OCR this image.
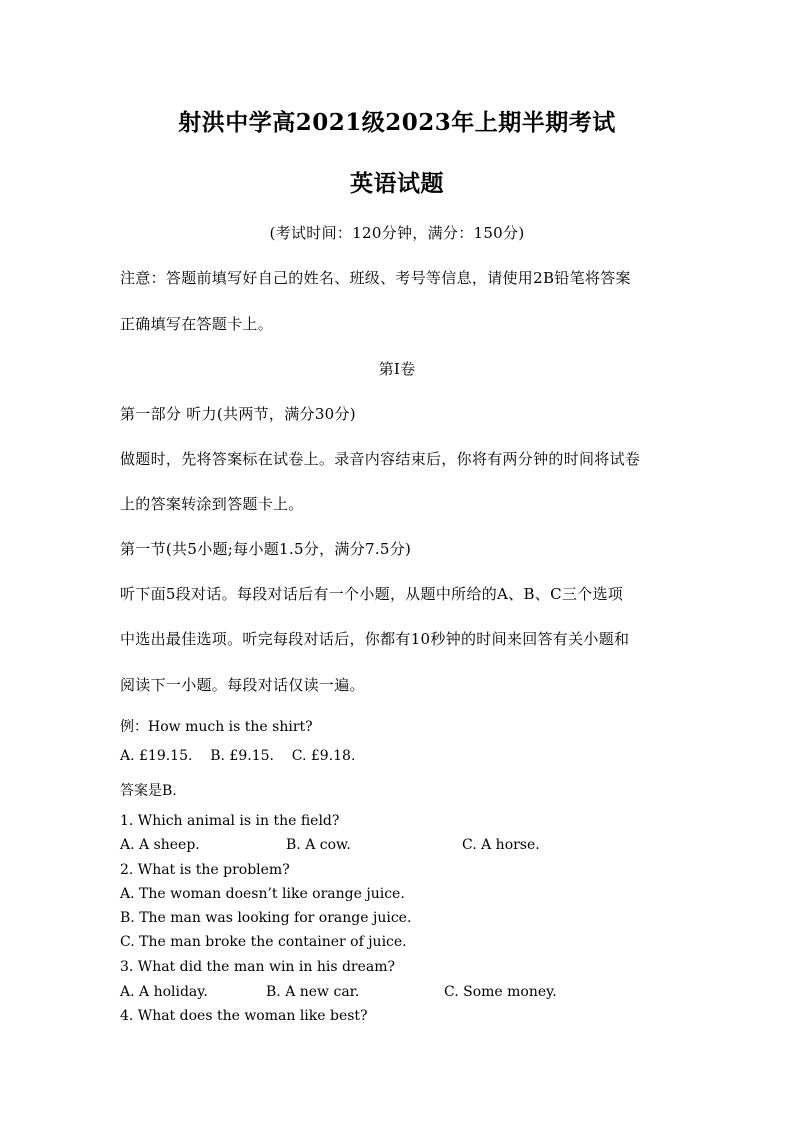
射洪中学高2021级2023年上期半期考试
英语试题
(考试时间：120分钟，满分：150分)
注意：答题前填写好自己的姓名、班级、考号等信息，请使用2B铅笔将答案
正确填写在答题卡上。
第I卷
第一部分 听力(共两节，满分30分)
做题时，先将答案标在试卷上。录音内容结束后，你将有两分钟的时间将试卷
上的答案转涂到答题卡上。
第一节(共5小题;每小题1.5分，满分7.5分)
听下面5段对话。每段对话后有一个小题，从题中所给的A、B、C三个选项
中选出最佳选项。听完每段对话后，你都有10秒钟的时间来回答有关小题和
阅读下一小题。每段对话仅读一遍。
例：How much is the shirt?
A. £19.15.    B. £9.15.    C. £9.18.
答案是B.
1. Which animal is in the field?
A. A sheep.	B. A cow.	C. A horse.
2. What is the problem?
A. The woman doesn’t like orange juice.
B. The man was looking for orange juice.
C. The man broke the container of juice.
3. What did the man win in his dream?
A. A holiday.	B. A new car.	C. Some money.
4. What does the woman like best?
